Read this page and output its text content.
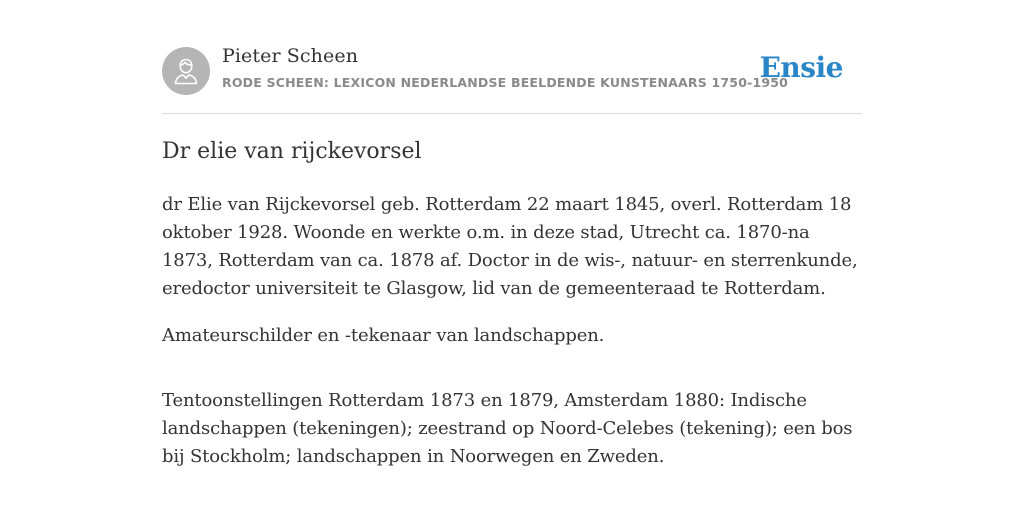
Pieter Scheen
RODE SCHEEN: LEXICON NEDERLANDSE BEELDENDE KUNSTENAARS 1750-1950
Ensie
Dr elie van rijckevorsel

dr Elie van Rijckevorsel geb. Rotterdam 22 maart 1845, overl. Rotterdam 18 oktober 1928. Woonde en werkte o.m. in deze stad, Utrecht ca. 1870-na 1873, Rotterdam van ca. 1878 af. Doctor in de wis-, natuur- en sterrenkunde, eredoctor universiteit te Glasgow, lid van de gemeenteraad te Rotterdam.

Amateurschilder en -tekenaar van landschappen.

Tentoonstellingen Rotterdam 1873 en 1879, Amsterdam 1880: Indische landschappen (tekeningen); zeestrand op Noord-Celebes (tekening); een bos bij Stockholm; landschappen in Noorwegen en Zweden.
